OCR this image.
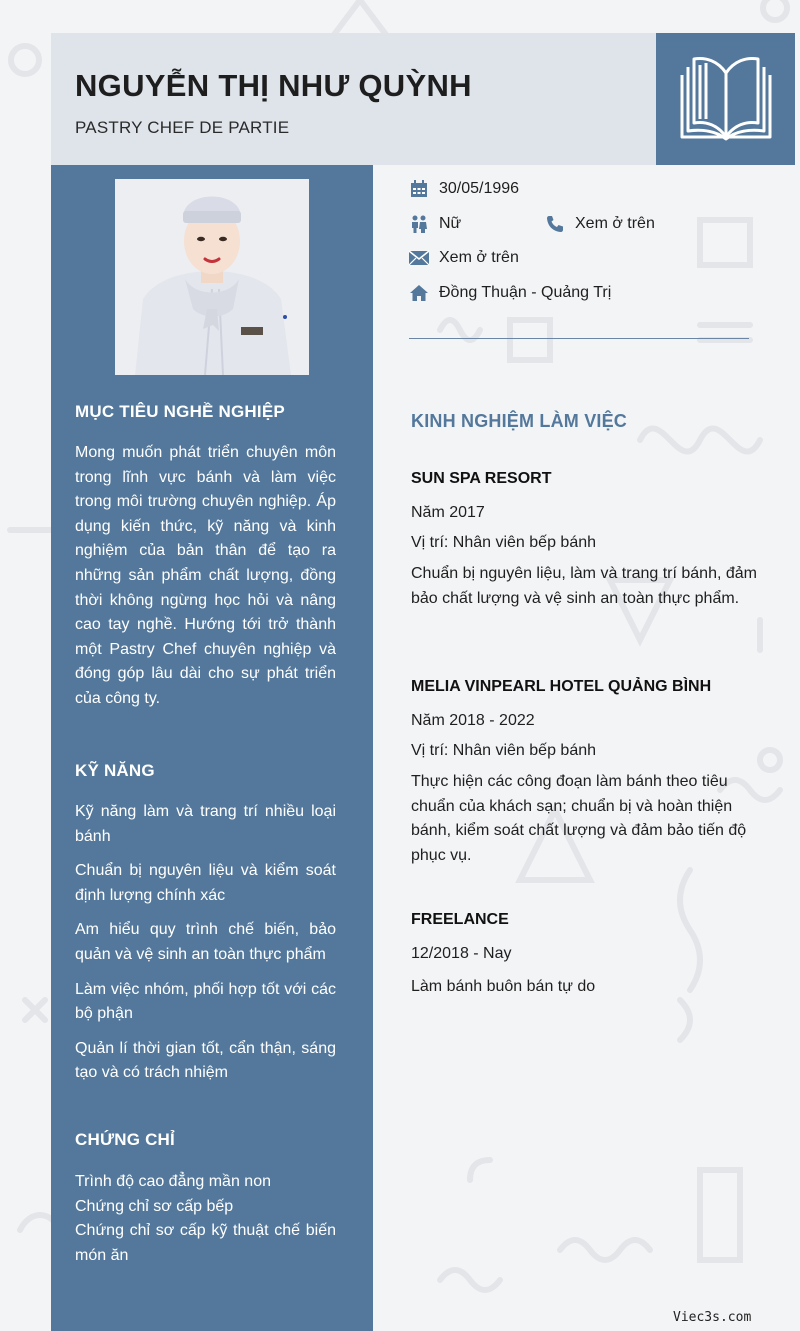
NGUYỄN THỊ NHƯ QUỲNH
PASTRY CHEF DE PARTIE
MỤC TIÊU NGHỀ NGHIỆP
Mong muốn phát triển chuyên môn trong lĩnh vực bánh và làm việc trong môi trường chuyên nghiệp. Áp dụng kiến thức, kỹ năng và kinh nghiệm của bản thân để tạo ra những sản phẩm chất lượng, đồng thời không ngừng học hỏi và nâng cao tay nghề. Hướng tới trở thành một Pastry Chef chuyên nghiệp và đóng góp lâu dài cho sự phát triển của công ty.
KỸ NĂNG
Kỹ năng làm và trang trí nhiều loại bánh
Chuẩn bị nguyên liệu và kiểm soát định lượng chính xác
Am hiểu quy trình chế biến, bảo quản và vệ sinh an toàn thực phẩm
Làm việc nhóm, phối hợp tốt với các bộ phận
Quản lí thời gian tốt, cẩn thận, sáng tạo và có trách nhiệm
CHỨNG CHỈ
Trình độ cao đẳng mần non
Chứng chỉ sơ cấp bếp
Chứng chỉ sơ cấp kỹ thuật chế biến món ăn
30/05/1996
Nữ	Xem ở trên
Xem ở trên
Đồng Thuận - Quảng Trị
KINH NGHIỆM LÀM VIỆC
SUN SPA RESORT
Năm 2017
Vị trí: Nhân viên bếp bánh
Chuẩn bị nguyên liệu, làm và trang trí bánh, đảm bảo chất lượng và vệ sinh an toàn thực phẩm.
MELIA VINPEARL HOTEL QUẢNG BÌNH
Năm 2018 - 2022
Vị trí: Nhân viên bếp bánh
Thực hiện các công đoạn làm bánh theo tiêu chuẩn của khách sạn; chuẩn bị và hoàn thiện bánh, kiểm soát chất lượng và đảm bảo tiến độ phục vụ.
FREELANCE
12/2018 - Nay
Làm bánh buôn bán tự do
Viec3s.com
